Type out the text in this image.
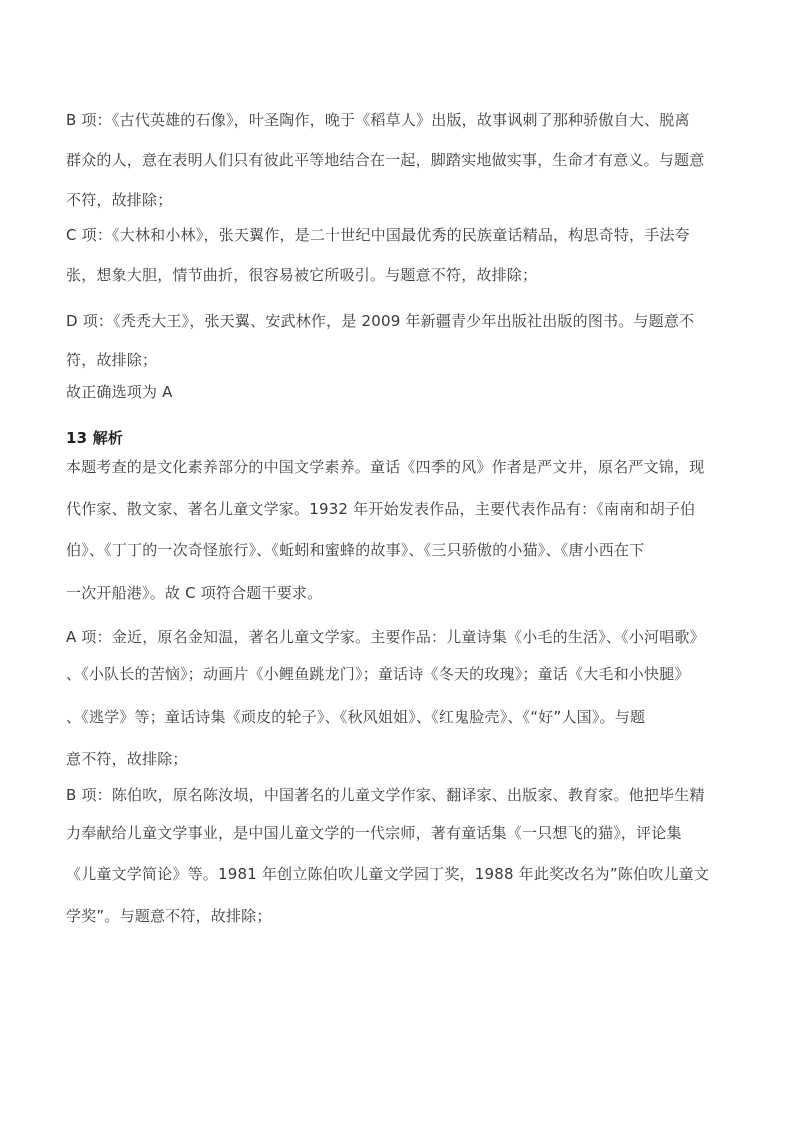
B 项：《古代英雄的石像》，叶圣陶作，晚于《稻草人》出版，故事讽刺了那种骄傲自大、脱离
群众的人，意在表明人们只有彼此平等地结合在一起，脚踏实地做实事，生命才有意义。与题意
不符，故排除；
C 项：《大林和小林》，张天翼作，是二十世纪中国最优秀的民族童话精品，构思奇特，手法夸
张，想象大胆，情节曲折，很容易被它所吸引。与题意不符，故排除；
D 项：《秃秃大王》，张天翼、安武林作，是 2009 年新疆青少年出版社出版的图书。与题意不
符，故排除；
故正确选项为 A
13 解析
本题考查的是文化素养部分的中国文学素养。童话《四季的风》作者是严文井，原名严文锦，现
代作家、散文家、著名儿童文学家。1932 年开始发表作品，主要代表作品有：《南南和胡子伯
伯》、《丁丁的一次奇怪旅行》、《蚯蚓和蜜蜂的故事》、《三只骄傲的小猫》、《唐小西在下
一次开船港》。故 C 项符合题干要求。
A 项：金近，原名金知温，著名儿童文学家。主要作品：儿童诗集《小毛的生活》、《小河唱歌》
、《小队长的苦恼》；动画片《小鲤鱼跳龙门》；童话诗《冬天的玫瑰》；童话《大毛和小快腿》
、《逃学》等；童话诗集《顽皮的轮子》、《秋风姐姐》、《红鬼脸壳》、《“好”人国》。与题
意不符，故排除；
B 项：陈伯吹，原名陈汝埙，中国著名的儿童文学作家、翻译家、出版家、教育家。他把毕生精
力奉献给儿童文学事业，是中国儿童文学的一代宗师，著有童话集《一只想飞的猫》，评论集
《儿童文学简论》等。1981 年创立陈伯吹儿童文学园丁奖，1988 年此奖改名为”陈伯吹儿童文
学奖”。与题意不符，故排除；
